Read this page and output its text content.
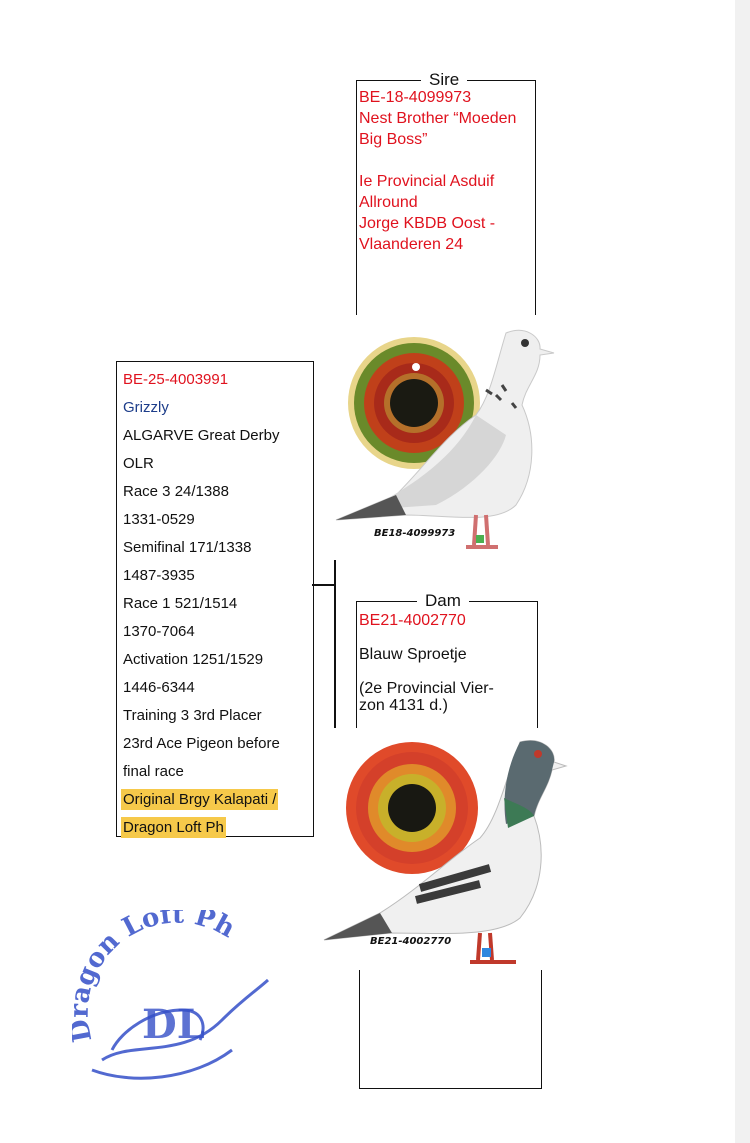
Sire

BE-18-4099973

Nest Brother “Moeden

Big Boss”

Ie Provincial Asduif

Allround

Jorge KBDB Oost -

Vlaanderen 24

BE18-4099973
BE-25-4003991
Grizzly
ALGARVE Great Derby
OLR
Race 3 24/1388
1331-0529
Semifinal 171/1338
1487-3935
Race 1 521/1514
1370-7064
Activation 1251/1529
1446-6344
Training 3 3rd Placer
23rd Ace Pigeon before
final race
Original Brgy Kalapati /
Dragon Loft Ph
Dam
BE21-4002770
Blauw Sproetje
(2e Provincial Vier-
zon 4131 d.)
BE21-4002770
gon Loft Ph
DL
